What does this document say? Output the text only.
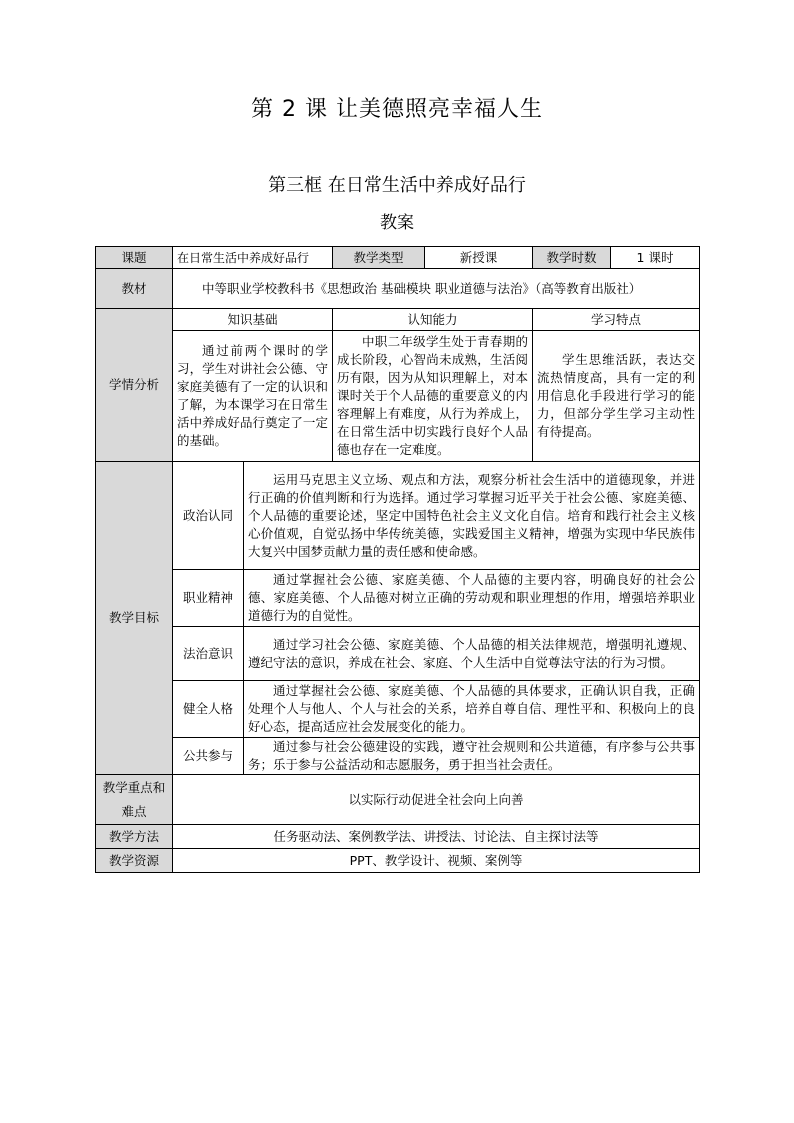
第 2 课 让美德照亮幸福人生
第三框 在日常生活中养成好品行
教案
课题	在日常生活中养成好品行		教学类型	新授课	教学时数	1 课时
教材	中等职业学校教科书《思想政治 基础模块 职业道德与法治》（高等教育出版社）					
学情分析	知识基础		认知能力		学习特点	
	通过前两个课时的学习，学生对讲社会公德、守家庭美德有了一定的认识和了解，为本课学习在日常生活中养成好品行奠定了一定的基础。		中职二年级学生处于青春期的成长阶段，心智尚未成熟，生活阅历有限，因为从知识理解上，对本课时关于个人品德的重要意义的内容理解上有难度，从行为养成上，在日常生活中切实践行良好个人品德也存在一定难度。		学生思维活跃，表达交流热情度高，具有一定的利用信息化手段进行学习的能力，但部分学生学习主动性有待提高。	
教学目标	政治认同	运用马克思主义立场、观点和方法，观察分析社会生活中的道德现象，并进行正确的价值判断和行为选择。通过学习掌握习近平关于社会公德、家庭美德、个人品德的重要论述，坚定中国特色社会主义文化自信。培育和践行社会主义核心价值观，自觉弘扬中华传统美德，实践爱国主义精神，增强为实现中华民族伟大复兴中国梦贡献力量的责任感和使命感。				
	职业精神	通过掌握社会公德、家庭美德、个人品德的主要内容，明确良好的社会公德、家庭美德、个人品德对树立正确的劳动观和职业理想的作用，增强培养职业道德行为的自觉性。				
	法治意识	通过学习社会公德、家庭美德、个人品德的相关法律规范，增强明礼遵规、遵纪守法的意识，养成在社会、家庭、个人生活中自觉尊法守法的行为习惯。				
	健全人格	通过掌握社会公德、家庭美德、个人品德的具体要求，正确认识自我，正确处理个人与他人、个人与社会的关系，培养自尊自信、理性平和、积极向上的良好心态，提高适应社会发展变化的能力。				
	公共参与	通过参与社会公德建设的实践，遵守社会规则和公共道德，有序参与公共事务；乐于参与公益活动和志愿服务，勇于担当社会责任。				
教学重点和难点	以实际行动促进全社会向上向善					
教学方法	任务驱动法、案例教学法、讲授法、讨论法、自主探讨法等					
教学资源	PPT、教学设计、视频、案例等					
